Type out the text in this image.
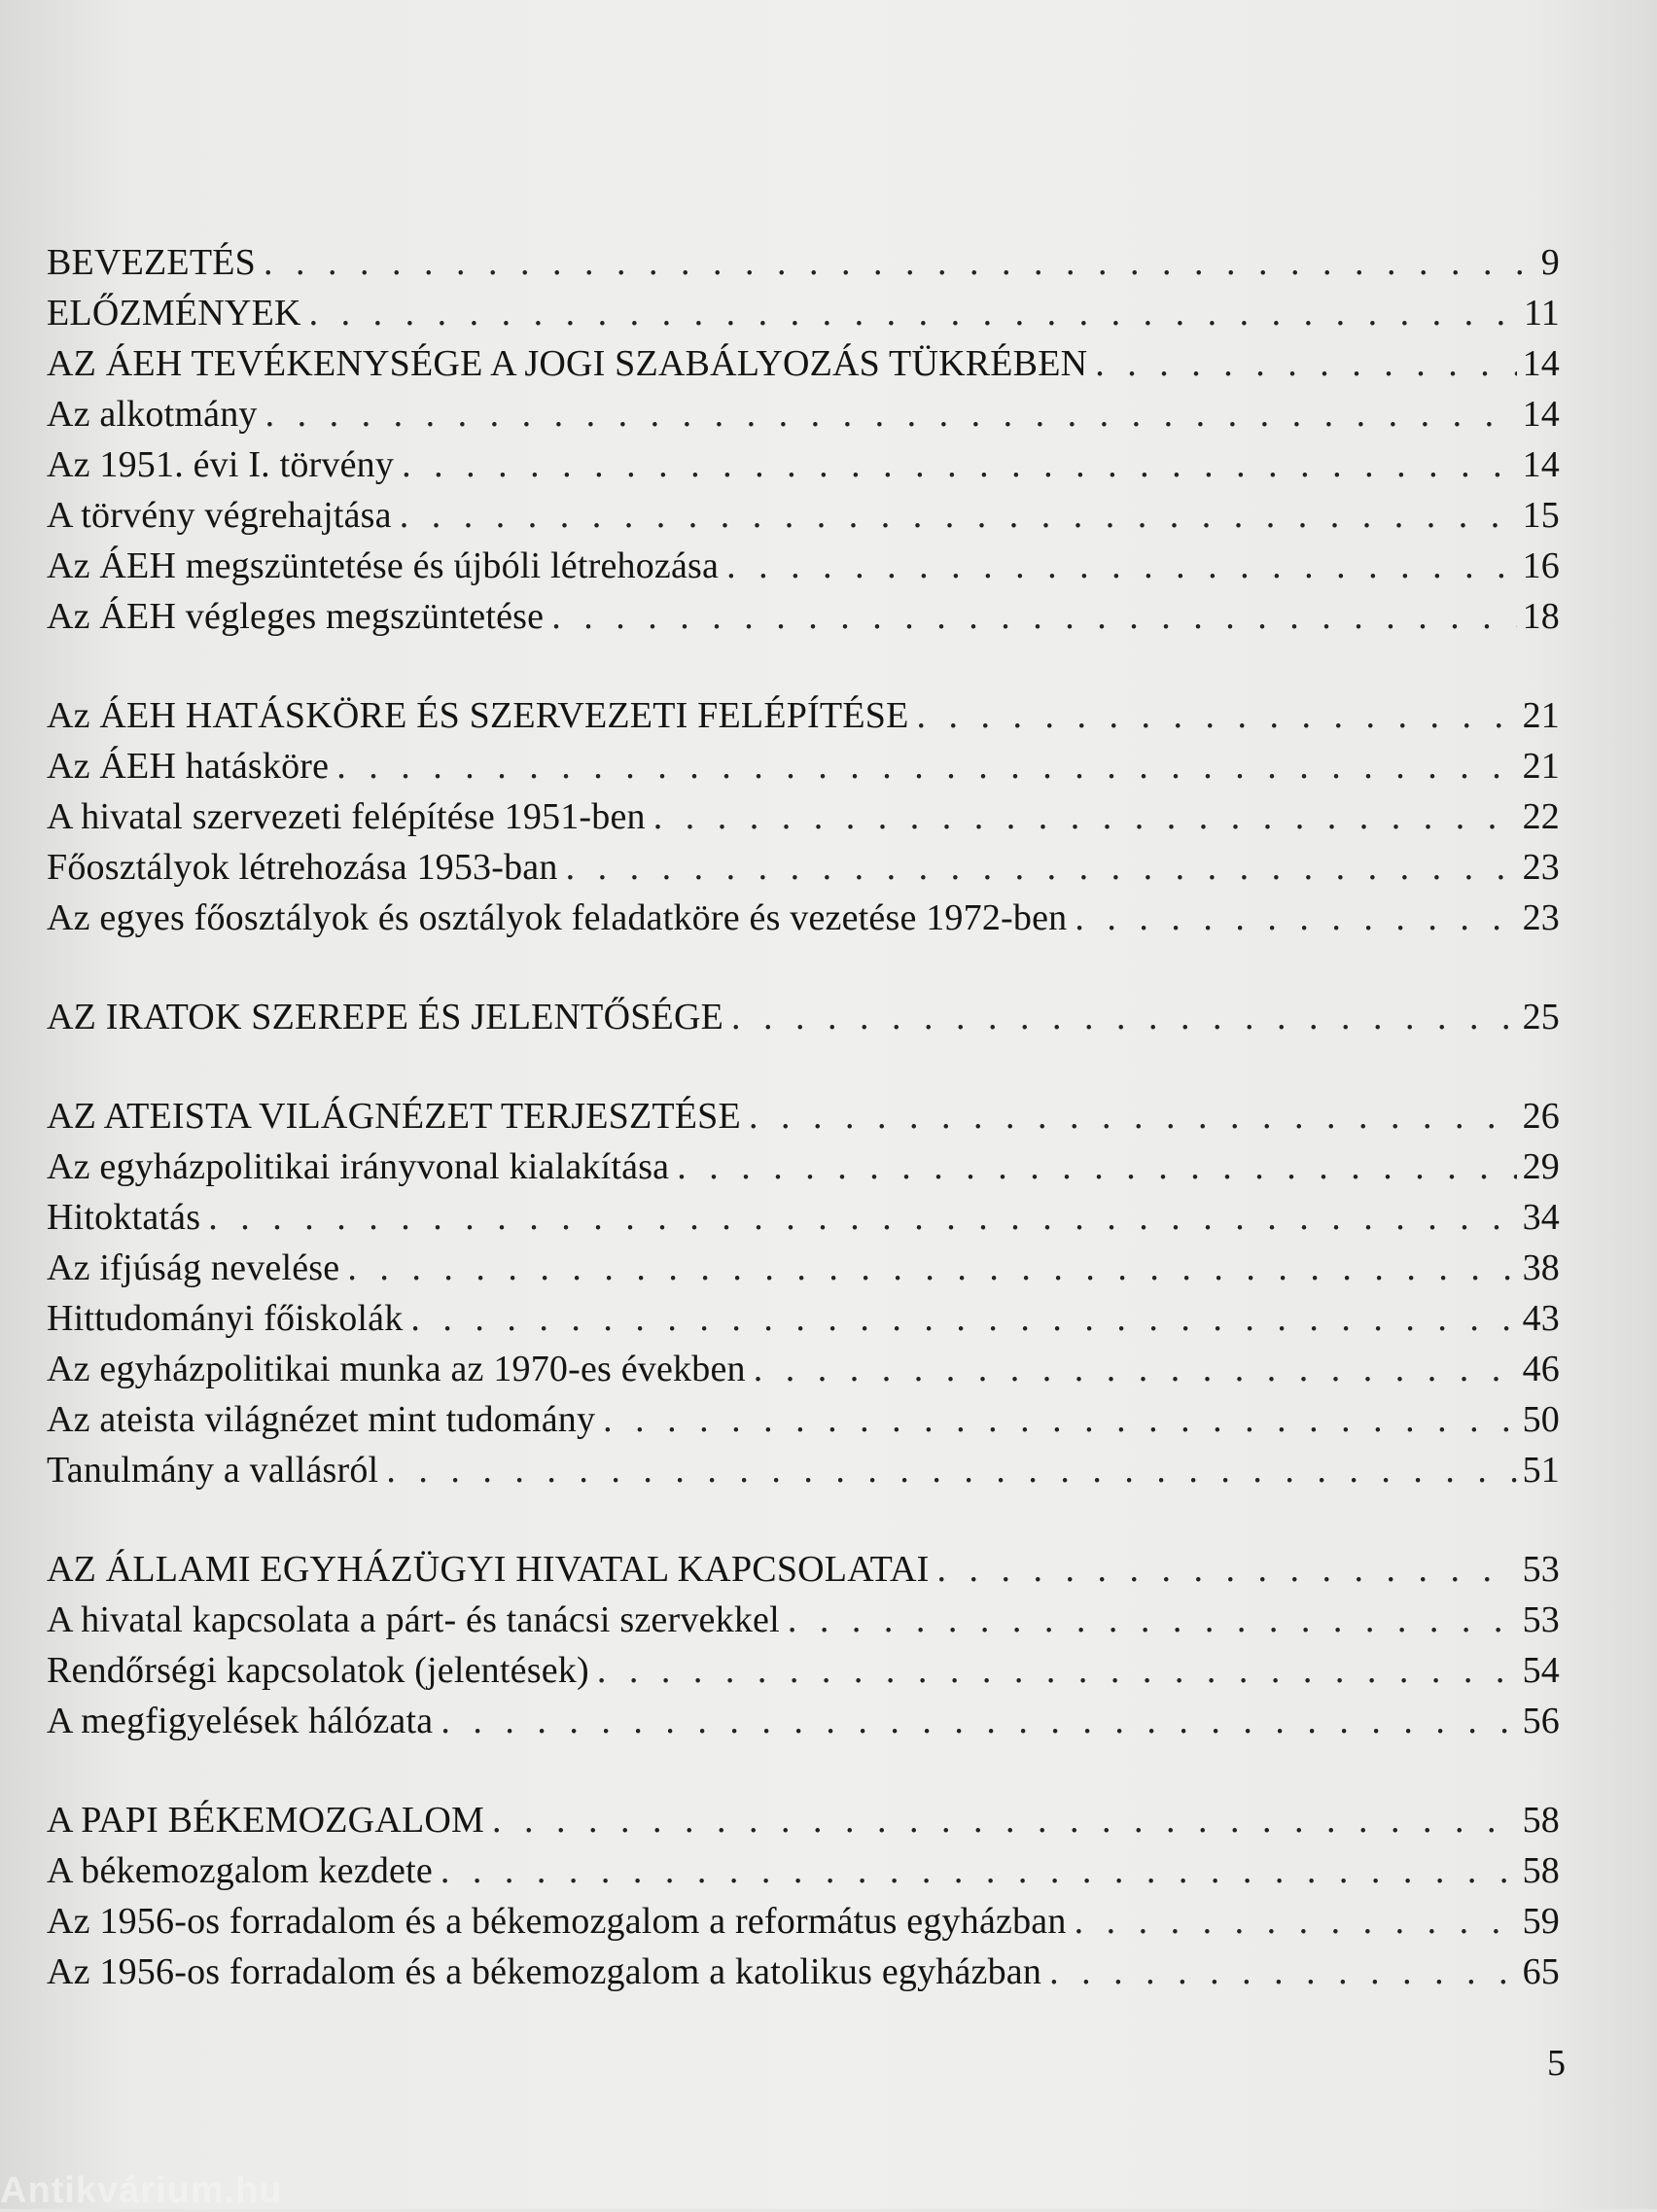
BEVEZETÉS . . .	9
ELŐZMÉNYEK . . .	11
AZ ÁEH TEVÉKENYSÉGE A JOGI SZABÁLYOZÁS TÜKRÉBEN . . .	14
Az alkotmány . . .	14
Az 1951. évi I. törvény . . .	14
A törvény végrehajtása . . .	15
Az ÁEH megszüntetése és újbóli létrehozása . . .	16
Az ÁEH végleges megszüntetése . . .	18
Az ÁEH HATÁSKÖRE ÉS SZERVEZETI FELÉPÍTÉSE . . .	21
Az ÁEH hatásköre . . .	21
A hivatal szervezeti felépítése 1951-ben . . .	22
Főosztályok létrehozása 1953-ban . . .	23
Az egyes főosztályok és osztályok feladatköre és vezetése 1972-ben . . .	23
AZ IRATOK SZEREPE ÉS JELENTŐSÉGE . . .	25
AZ ATEISTA VILÁGNÉZET TERJESZTÉSE . . .	26
Az egyházpolitikai irányvonal kialakítása . . .	29
Hitoktatás . . .	34
Az ifjúság nevelése . . .	38
Hittudományi főiskolák . . .	43
Az egyházpolitikai munka az 1970-es években . . .	46
Az ateista világnézet mint tudomány . . .	50
Tanulmány a vallásról . . .	51
AZ ÁLLAMI EGYHÁZÜGYI HIVATAL KAPCSOLATAI . . .	53
A hivatal kapcsolata a párt- és tanácsi szervekkel . . .	53
Rendőrségi kapcsolatok (jelentések) . . .	54
A megfigyelések hálózata . . .	56
A PAPI BÉKEMOZGALOM . . .	58
A békemozgalom kezdete . . .	58
Az 1956-os forradalom és a békemozgalom a református egyházban . . .	59
Az 1956-os forradalom és a békemozgalom a katolikus egyházban . . .	65
5
Antikvárium.hu
